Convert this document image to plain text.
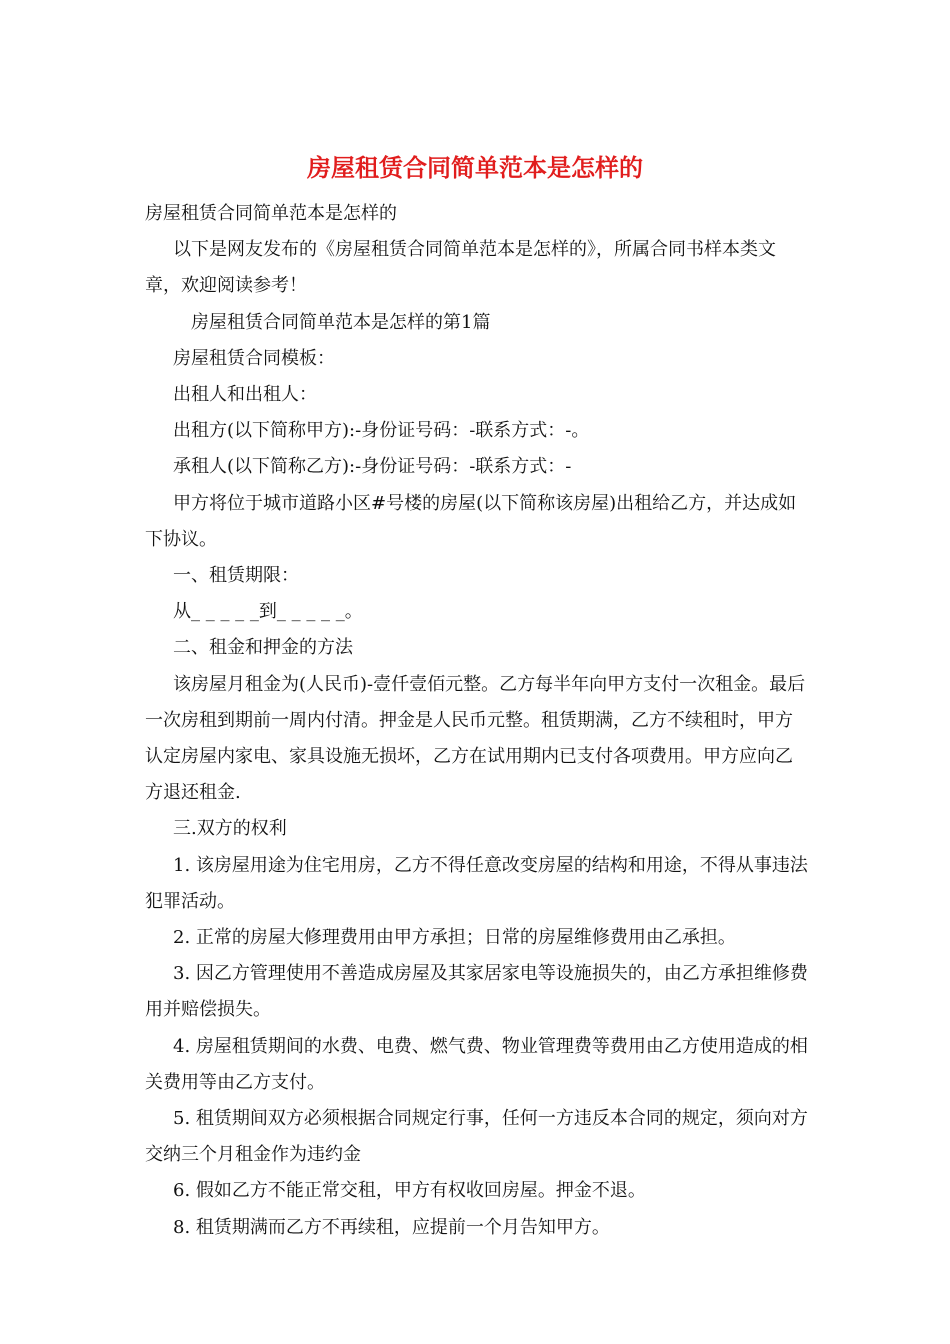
房屋租赁合同简单范本是怎样的

房屋租赁合同简单范本是怎样的

以下是网友发布的《房屋租赁合同简单范本是怎样的》，所属合同书样本类文章，欢迎阅读参考！

房屋租赁合同简单范本是怎样的第1篇

房屋租赁合同模板：

出租人和出租人：

出租方(以下简称甲方):-身份证号码：-联系方式：-。

承租人(以下简称乙方):-身份证号码：-联系方式：-

甲方将位于城市道路小区#号楼的房屋(以下简称该房屋)出租给乙方，并达成如下协议。

一、租赁期限：

从_ _ _ _ _到_ _ _ _ _。

二、租金和押金的方法

该房屋月租金为(人民币)-壹仟壹佰元整。乙方每半年向甲方支付一次租金。最后一次房租到期前一周内付清。押金是人民币元整。租赁期满，乙方不续租时，甲方认定房屋内家电、家具设施无损坏，乙方在试用期内已支付各项费用。甲方应向乙方退还租金.

三.双方的权利

1. 该房屋用途为住宅用房，乙方不得任意改变房屋的结构和用途，不得从事违法犯罪活动。

2. 正常的房屋大修理费用由甲方承担；日常的房屋维修费用由乙承担。

3. 因乙方管理使用不善造成房屋及其家居家电等设施损失的，由乙方承担维修费用并赔偿损失。

4. 房屋租赁期间的水费、电费、燃气费、物业管理费等费用由乙方使用造成的相关费用等由乙方支付。

5. 租赁期间双方必须根据合同规定行事，任何一方违反本合同的规定，须向对方交纳三个月租金作为违约金

6. 假如乙方不能正常交租，甲方有权收回房屋。押金不退。

8. 租赁期满而乙方不再续租，应提前一个月告知甲方。
